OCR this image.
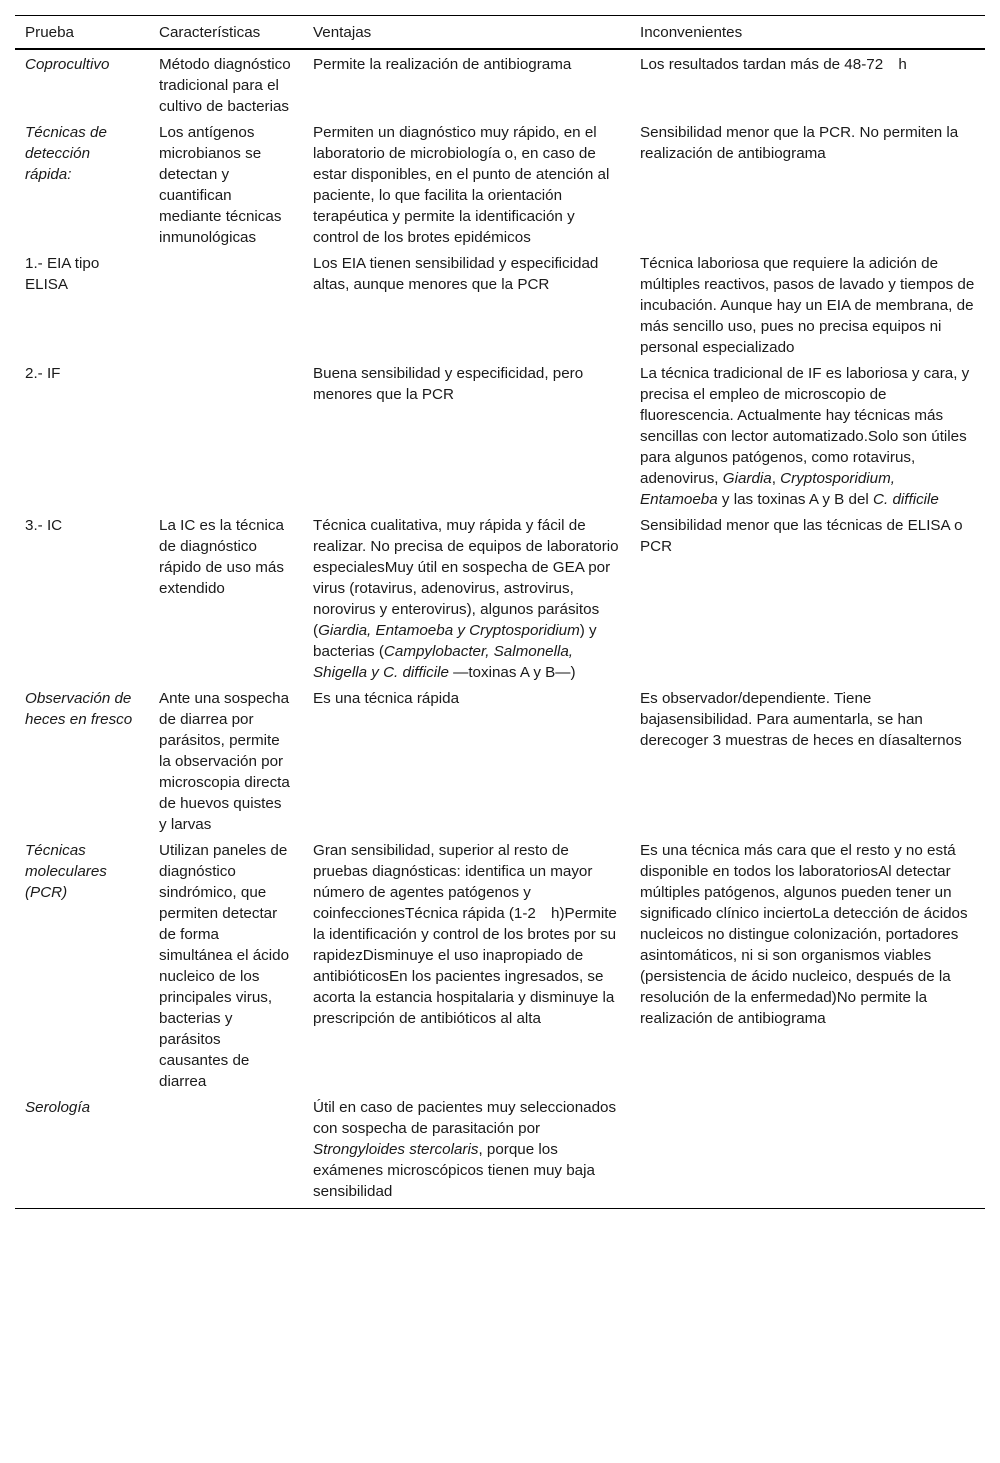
Prueba	Características	Ventajas	Inconvenientes
Coprocultivo	Método diagnóstico tradicional para el cultivo de bacterias	Permite la realización de antibiograma	Los resultados tardan más de 48-72 h
Técnicas de detección rápida:	Los antígenos microbianos se detectan y cuantifican mediante técnicas inmunológicas	Permiten un diagnóstico muy rápido, en el laboratorio de microbiología o, en caso de estar disponibles, en el punto de atención al paciente, lo que facilita la orientación terapéutica y permite la identificación y control de los brotes epidémicos	Sensibilidad menor que la PCR. No permiten la realización de antibiograma
1.- EIA tipo ELISA		Los EIA tienen sensibilidad y especificidad altas, aunque menores que la PCR	Técnica laboriosa que requiere la adición de múltiples reactivos, pasos de lavado y tiempos de incubación. Aunque hay un EIA de membrana, de más sencillo uso, pues no precisa equipos ni personal especializado
2.- IF		Buena sensibilidad y especificidad, pero menores que la PCR	La técnica tradicional de IF es laboriosa y cara, y precisa el empleo de microscopio de fluorescencia. Actualmente hay técnicas más sencillas con lector automatizado.Solo son útiles para algunos patógenos, como rotavirus, adenovirus, Giardia, Cryptosporidium, Entamoeba y las toxinas A y B del C. difficile
3.- IC	La IC es la técnica de diagnóstico rápido de uso más extendido	Técnica cualitativa, muy rápida y fácil de realizar. No precisa de equipos de laboratorio especialesMuy útil en sospecha de GEA por virus (rotavirus, adenovirus, astrovirus, norovirus y enterovirus), algunos parásitos (Giardia, Entamoeba y Cryptosporidium) y bacterias (Campylobacter, Salmonella, Shigella y C. difficile —toxinas A y B—)	Sensibilidad menor que las técnicas de ELISA o PCR
Observación de heces en fresco	Ante una sospecha de diarrea por parásitos, permite la observación por microscopia directa de huevos quistes y larvas	Es una técnica rápida	Es observador/dependiente. Tiene bajasensibilidad. Para aumentarla, se han derecoger 3 muestras de heces en díasalternos
Técnicas moleculares (PCR)	Utilizan paneles de diagnóstico sindrómico, que permiten detectar de forma simultánea el ácido nucleico de los principales virus, bacterias y parásitos causantes de diarrea	Gran sensibilidad, superior al resto de pruebas diagnósticas: identifica un mayor número de agentes patógenos y coinfeccionesTécnica rápida (1-2 h)Permite la identificación y control de los brotes por su rapidezDisminuye el uso inapropiado de antibióticosEn los pacientes ingresados, se acorta la estancia hospitalaria y disminuye la prescripción de antibióticos al alta	Es una técnica más cara que el resto y no está disponible en todos los laboratoriosAl detectar múltiples patógenos, algunos pueden tener un significado clínico inciertoLa detección de ácidos nucleicos no distingue colonización, portadores asintomáticos, ni si son organismos viables (persistencia de ácido nucleico, después de la resolución de la enfermedad)No permite la realización de antibiograma
Serología		Útil en caso de pacientes muy seleccionados con sospecha de parasitación por Strongyloides stercolaris, porque los exámenes microscópicos tienen muy baja sensibilidad	
